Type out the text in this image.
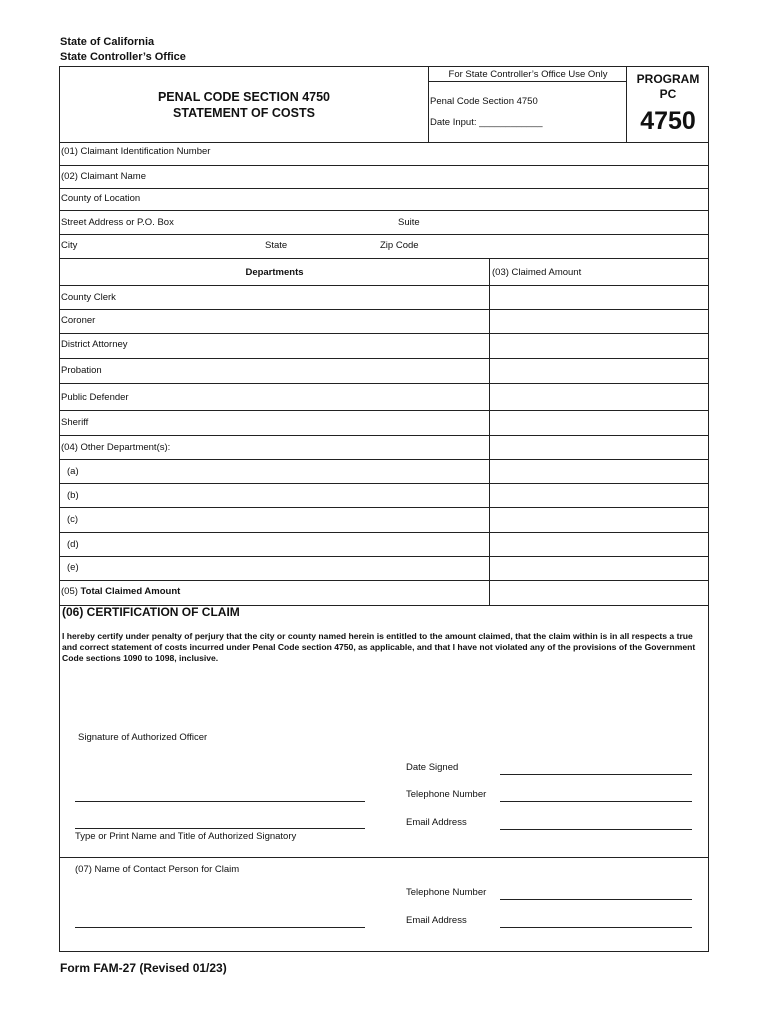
State of California
State Controller’s Office
PENAL CODE SECTION 4750
STATEMENT OF COSTS
For State Controller’s Office Use Only
Penal Code Section 4750
Date Input: ____________
PROGRAM
PC
4750
(01) Claimant Identification Number
(02) Claimant Name
County of Location
Street Address or P.O. Box	Suite
City	State	Zip Code
Departments	(03) Claimed Amount
County Clerk
Coroner
District Attorney
Probation
Public Defender
Sheriff
(04) Other Department(s):
(a)
(b)
(c)
(d)
(e)
(05) Total Claimed Amount
(06) CERTIFICATION OF CLAIM
I hereby certify under penalty of perjury that the city or county named herein is entitled to the amount claimed, that the claim within is in all respects a true and correct statement of costs incurred under Penal Code section 4750, as applicable, and that I have not violated any of the provisions of the Government Code sections 1090 to 1098, inclusive.
Signature of Authorized Officer
Type or Print Name and Title of Authorized Signatory
Date Signed
Telephone Number
Email Address
(07) Name of Contact Person for Claim
Telephone Number
Email Address
Form FAM-27 (Revised 01/23)
